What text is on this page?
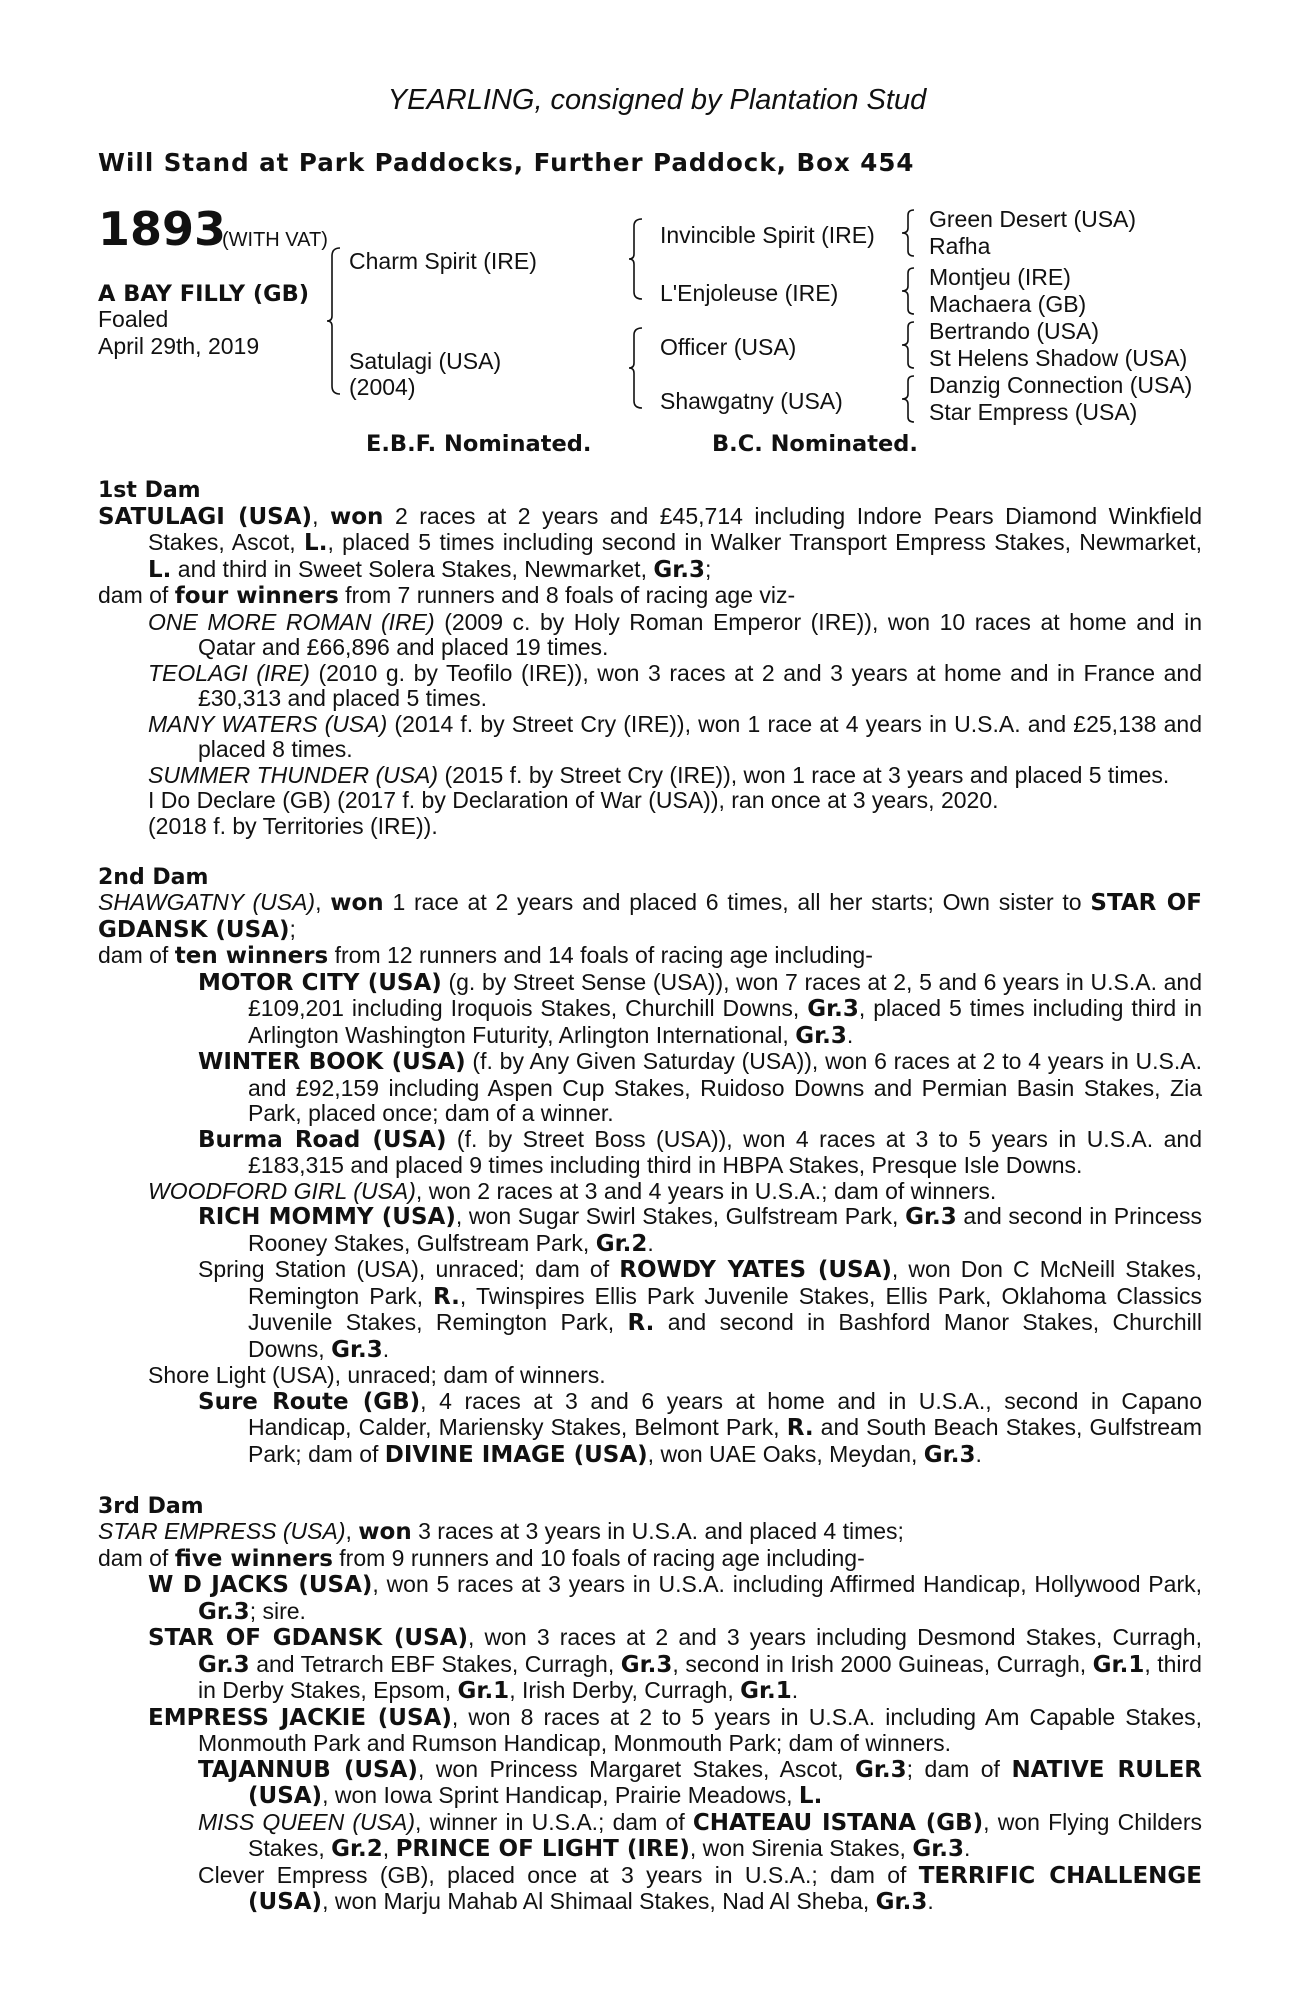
YEARLING, consigned by Plantation Stud
Will Stand at Park Paddocks, Further Paddock, Box 454
1893
(WITH VAT)
A BAY FILLY (GB)
Foaled
April 29th, 2019
Charm Spirit (IRE)
Satulagi (USA)
(2004)
Invincible Spirit (IRE)
L'Enjoleuse (IRE)
Officer (USA)
Shawgatny (USA)
Green Desert (USA)
Rafha
Montjeu (IRE)
Machaera (GB)
Bertrando (USA)
St Helens Shadow (USA)
Danzig Connection (USA)
Star Empress (USA)
E.B.F. Nominated.	B.C. Nominated.
1st Dam
SATULAGI (USA), won 2 races at 2 years and £45,714 including Indore Pears Diamond Winkfield Stakes, Ascot, L., placed 5 times including second in Walker Transport Empress Stakes, Newmarket, L. and third in Sweet Solera Stakes, Newmarket, Gr.3;
dam of four winners from 7 runners and 8 foals of racing age viz-
ONE MORE ROMAN (IRE) (2009 c. by Holy Roman Emperor (IRE)), won 10 races at home and in Qatar and £66,896 and placed 19 times.
TEOLAGI (IRE) (2010 g. by Teofilo (IRE)), won 3 races at 2 and 3 years at home and in France and £30,313 and placed 5 times.
MANY WATERS (USA) (2014 f. by Street Cry (IRE)), won 1 race at 4 years in U.S.A. and £25,138 and placed 8 times.
SUMMER THUNDER (USA) (2015 f. by Street Cry (IRE)), won 1 race at 3 years and placed 5 times.
I Do Declare (GB) (2017 f. by Declaration of War (USA)), ran once at 3 years, 2020.
(2018 f. by Territories (IRE)).
2nd Dam
SHAWGATNY (USA), won 1 race at 2 years and placed 6 times, all her starts; Own sister to STAR OF GDANSK (USA);
dam of ten winners from 12 runners and 14 foals of racing age including-
MOTOR CITY (USA) (g. by Street Sense (USA)), won 7 races at 2, 5 and 6 years in U.S.A. and £109,201 including Iroquois Stakes, Churchill Downs, Gr.3, placed 5 times including third in Arlington Washington Futurity, Arlington International, Gr.3.
WINTER BOOK (USA) (f. by Any Given Saturday (USA)), won 6 races at 2 to 4 years in U.S.A. and £92,159 including Aspen Cup Stakes, Ruidoso Downs and Permian Basin Stakes, Zia Park, placed once; dam of a winner.
Burma Road (USA) (f. by Street Boss (USA)), won 4 races at 3 to 5 years in U.S.A. and £183,315 and placed 9 times including third in HBPA Stakes, Presque Isle Downs.
WOODFORD GIRL (USA), won 2 races at 3 and 4 years in U.S.A.; dam of winners.
RICH MOMMY (USA), won Sugar Swirl Stakes, Gulfstream Park, Gr.3 and second in Princess Rooney Stakes, Gulfstream Park, Gr.2.
Spring Station (USA), unraced; dam of ROWDY YATES (USA), won Don C McNeill Stakes, Remington Park, R., Twinspires Ellis Park Juvenile Stakes, Ellis Park, Oklahoma Classics Juvenile Stakes, Remington Park, R. and second in Bashford Manor Stakes, Churchill Downs, Gr.3.
Shore Light (USA), unraced; dam of winners.
Sure Route (GB), 4 races at 3 and 6 years at home and in U.S.A., second in Capano Handicap, Calder, Mariensky Stakes, Belmont Park, R. and South Beach Stakes, Gulfstream Park; dam of DIVINE IMAGE (USA), won UAE Oaks, Meydan, Gr.3.
3rd Dam
STAR EMPRESS (USA), won 3 races at 3 years in U.S.A. and placed 4 times;
dam of five winners from 9 runners and 10 foals of racing age including-
W D JACKS (USA), won 5 races at 3 years in U.S.A. including Affirmed Handicap, Hollywood Park, Gr.3; sire.
STAR OF GDANSK (USA), won 3 races at 2 and 3 years including Desmond Stakes, Curragh, Gr.3 and Tetrarch EBF Stakes, Curragh, Gr.3, second in Irish 2000 Guineas, Curragh, Gr.1, third in Derby Stakes, Epsom, Gr.1, Irish Derby, Curragh, Gr.1.
EMPRESS JACKIE (USA), won 8 races at 2 to 5 years in U.S.A. including Am Capable Stakes, Monmouth Park and Rumson Handicap, Monmouth Park; dam of winners.
TAJANNUB (USA), won Princess Margaret Stakes, Ascot, Gr.3; dam of NATIVE RULER (USA), won Iowa Sprint Handicap, Prairie Meadows, L.
MISS QUEEN (USA), winner in U.S.A.; dam of CHATEAU ISTANA (GB), won Flying Childers Stakes, Gr.2, PRINCE OF LIGHT (IRE), won Sirenia Stakes, Gr.3.
Clever Empress (GB), placed once at 3 years in U.S.A.; dam of TERRIFIC CHALLENGE (USA), won Marju Mahab Al Shimaal Stakes, Nad Al Sheba, Gr.3.
